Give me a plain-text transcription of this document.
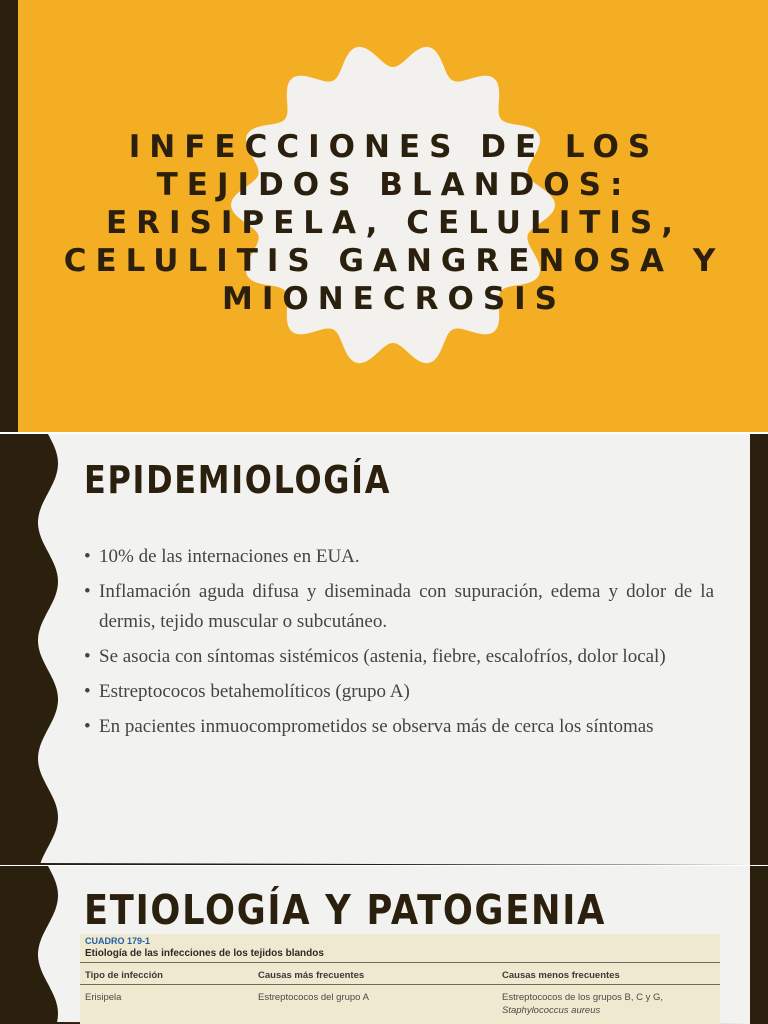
INFECCIONES DE LOS TEJIDOS BLANDOS: ERISIPELA, CELULITIS, CELULITIS GANGRENOSA Y MIONECROSIS
EPIDEMIOLOGÍA
• 10% de las internaciones en EUA.
• Inflamación aguda difusa y diseminada con supuración, edema y dolor de la dermis, tejido muscular o subcutáneo.
• Se asocia con síntomas sistémicos (astenia, fiebre, escalofríos, dolor local)
• Estreptococos betahemolíticos (grupo A)
• En pacientes inmuocomprometidos se observa más de cerca los síntomas
ETIOLOGÍA Y PATOGENIA
CUADRO 179-1
Etiología de las infecciones de los tejidos blandos
Tipo de infección	Causas más frecuentes	Causas menos frecuentes
Erisipela	Estreptococos del grupo A	Estreptococos de los grupos B, C y G, Staphylococcus aureus
